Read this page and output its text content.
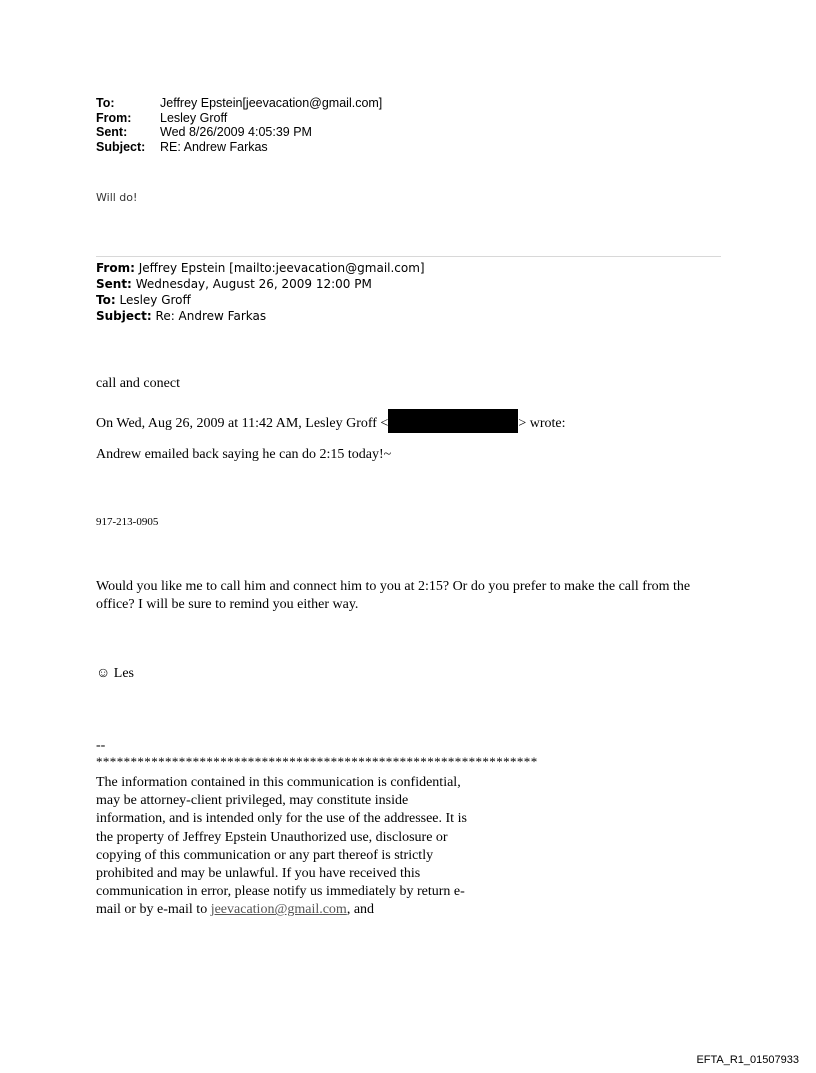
To:	Jeffrey Epstein[jeevacation@gmail.com]
From:	Lesley Groff
Sent:	Wed 8/26/2009 4:05:39 PM
Subject:	RE: Andrew Farkas
Will do!
From: Jeffrey Epstein [mailto:jeevacation@gmail.com]
Sent: Wednesday, August 26, 2009 12:00 PM
To: Lesley Groff
Subject: Re: Andrew Farkas
call and conect
On Wed, Aug 26, 2009 at 11:42 AM, Lesley Groff <	> wrote:
Andrew emailed back saying he can do 2:15 today!~
917-213-0905
Would you like me to call him and connect him to you at 2:15? Or do you prefer to make the call from the office? I will be sure to remind you either way.
☺ Les
--
****************************************************************
The information contained in this communication is confidential, may be attorney-client privileged, may constitute inside information, and is intended only for the use of the addressee. It is the property of Jeffrey Epstein Unauthorized use, disclosure or copying of this communication or any part thereof is strictly prohibited and may be unlawful. If you have received this communication in error, please notify us immediately by return e-mail or by e-mail to jeevacation@gmail.com, and
EFTA_R1_01507933
